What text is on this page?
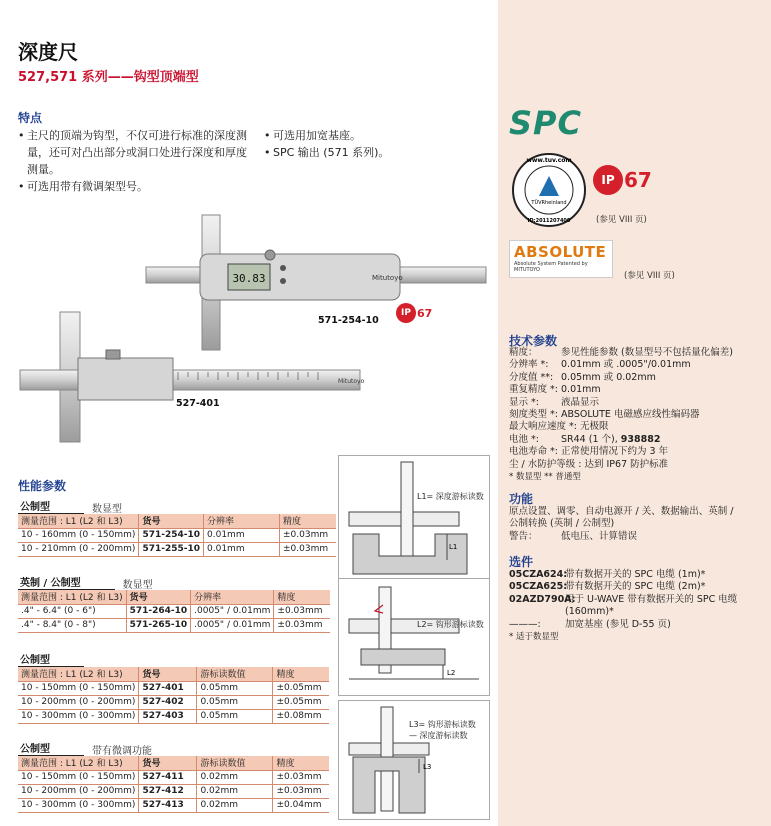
深度尺
527,571 系列——钩型顶端型
特点
• 主尺的顶端为钩型，不仅可进行标准的深度测量，还可对凸出部分或洞口处进行深度和厚度测量。
• 可选用带有微调架型号。
• 可选用加宽基座。
• SPC 输出 (571 系列)。
30.83	Mitutoyo
571-254-10
IP 67
Mitutoyo
527-401
性能参数
公制型	数显型
测量范围 : L1 (L2 和 L3)	货号	分辨率	精度
10 - 160mm (0 - 150mm)	571-254-10	0.01mm	±0.03mm
10 - 210mm (0 - 200mm)	571-255-10	0.01mm	±0.03mm
英制 / 公制型	数显型
测量范围 : L1 (L2 和 L3)	货号	分辨率	精度
.4" - 6.4" (0 - 6")	571-264-10	.0005" / 0.01mm	±0.03mm
.4" - 8.4" (0 - 8")	571-265-10	.0005" / 0.01mm	±0.03mm
公制型
测量范围 : L1 (L2 和 L3)	货号	游标读数值	精度
10 - 150mm (0 - 150mm)	527-401	0.05mm	±0.05mm
10 - 200mm (0 - 200mm)	527-402	0.05mm	±0.05mm
10 - 300mm (0 - 300mm)	527-403	0.05mm	±0.08mm
公制型	带有微调功能
测量范围 : L1 (L2 和 L3)	货号	游标读数值	精度
10 - 150mm (0 - 150mm)	527-411	0.02mm	±0.03mm
10 - 200mm (0 - 200mm)	527-412	0.02mm	±0.03mm
10 - 300mm (0 - 300mm)	527-413	0.02mm	±0.04mm
L1
L1= 深度游标读数
L2
L2= 钩形游标读数
L3
L3= 钩形游标读数
— 深度游标读数
SPC
www.tuv.com
TÜVRheinland
ID:2011207400
IP 67
(参见 VIII 页)
ABSOLUTE
Absolute System Patented by MITUTOYO
(参见 VIII 页)
技术参数
精度：	参见性能参数 (数显型号不包括量化偏差)
分辨率 *:	0.01mm 或 .0005"/0.01mm
分度值 **: 0.05mm 或 0.02mm
重复精度 *: 0.01mm
显示 *:	液晶显示
刻度类型 *: ABSOLUTE 电磁感应线性编码器
最大响应速度 *: 无极限
电池 *:	SR44 (1 个),
938882
电池寿命 *: 正常使用情况下约为 3 年
尘 / 水防护等级 : 达到 IP67 防护标准
* 数显型 ** 普通型
功能
原点设置、调零、自动电源开 / 关、数据输出、英制 /
公制转换 (英制 / 公制型)
警告：	低电压、计算错误
选件
05CZA624:
带有数据开关的 SPC 电缆 (1m)*
05CZA625:
带有数据开关的 SPC 电缆 (2m)*
02AZD790A:
用于 U-WAVE 带有数据开关的 SPC 电缆
(160mm)*
———:	加宽基座 (参见 D-55 页)
* 适于数显型
